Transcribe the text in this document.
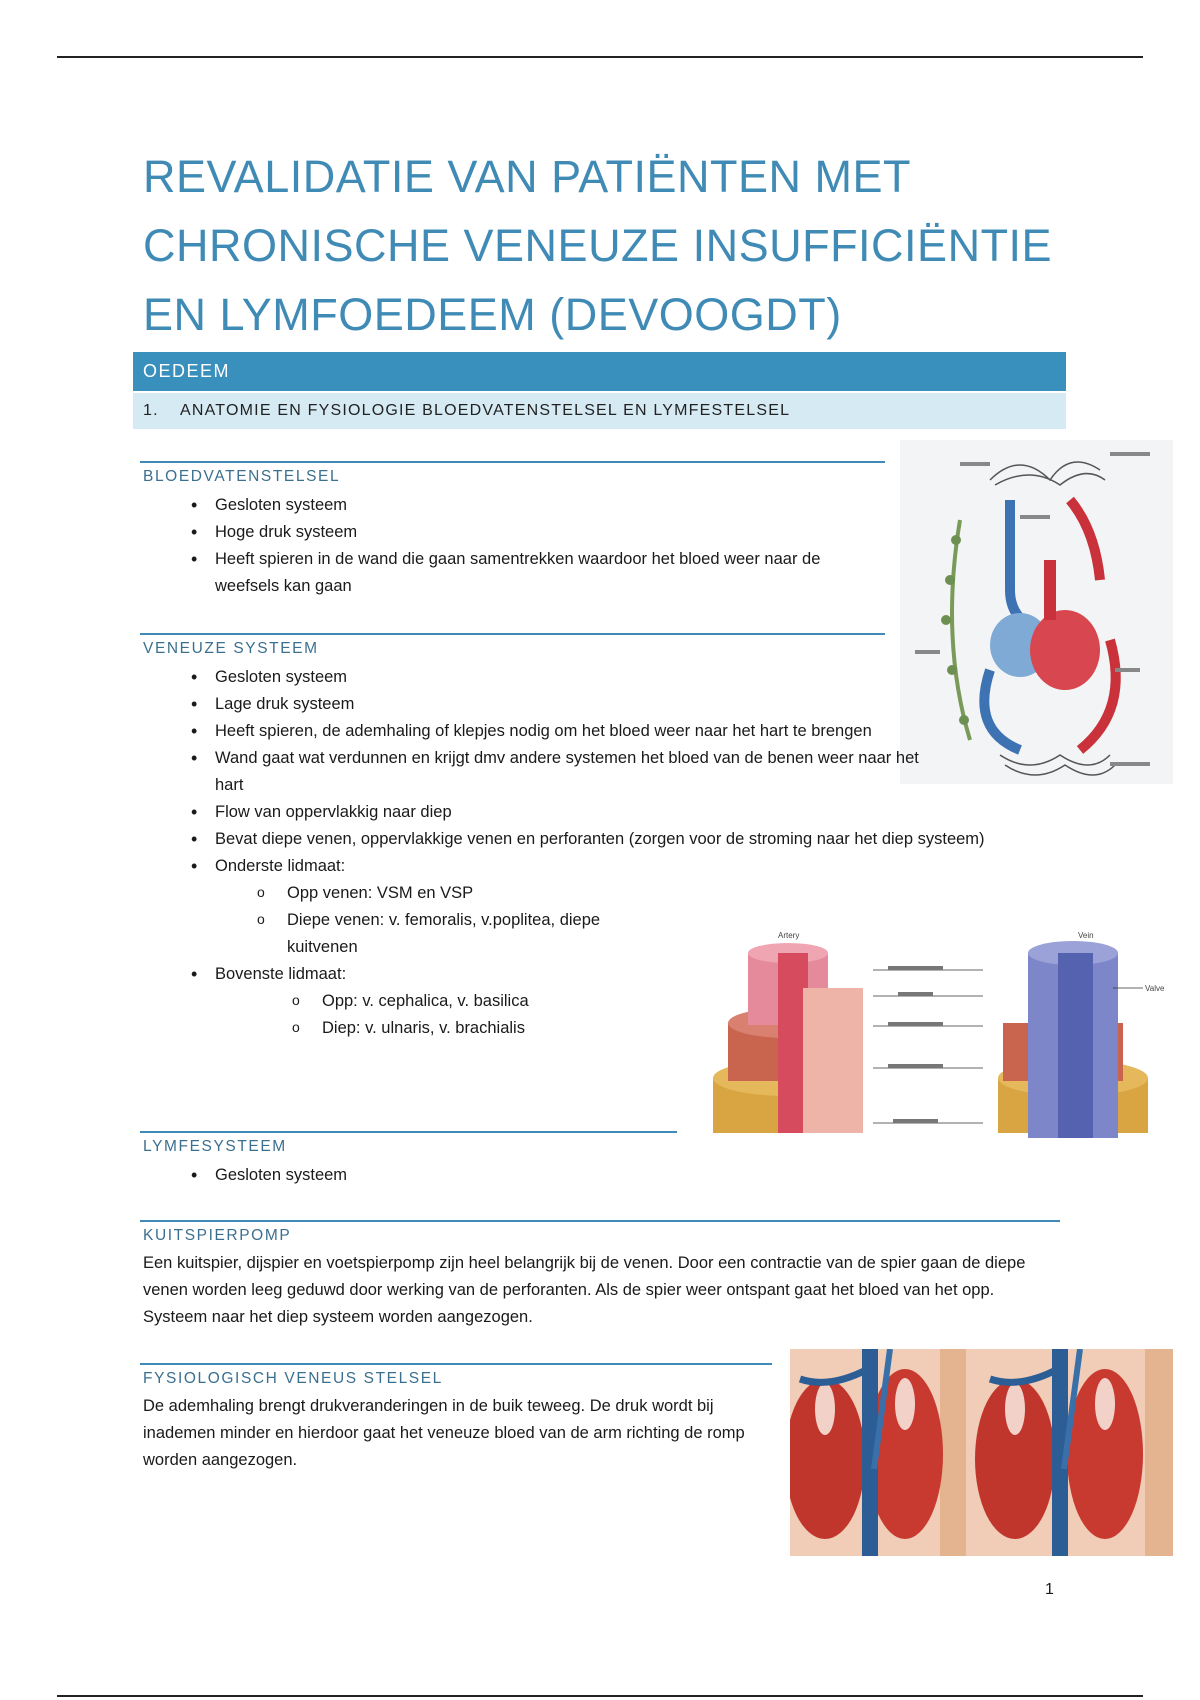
REVALIDATIE VAN PATIËNTEN MET
CHRONISCHE VENEUZE INSUFFICIËNTIE
EN LYMFOEDEEM (DEVOOGDT)
OEDEEM
1. ANATOMIE EN FYSIOLOGIE BLOEDVATENSTELSEL EN LYMFESTELSEL
BLOEDVATENSTELSEL
• Gesloten systeem
• Hoge druk systeem
• Heeft spieren in de wand die gaan samentrekken waardoor het bloed weer naar de weefsels kan gaan
VENEUZE SYSTEEM
• Gesloten systeem
• Lage druk systeem
• Heeft spieren, de ademhaling of klepjes nodig om het bloed weer naar het hart te brengen
• Wand gaat wat verdunnen en krijgt dmv andere systemen het bloed van de benen weer naar het hart
• Flow van oppervlakkig naar diep
• Bevat diepe venen, oppervlakkige venen en perforanten (zorgen voor de stroming naar het diep systeem)
• Onderste lidmaat:
o Opp venen: VSM en VSP
o Diepe venen: v. femoralis, v.poplitea, diepe kuitvenen
• Bovenste lidmaat:
o Opp: v. cephalica, v. basilica
o Diep: v. ulnaris, v. brachialis
Artery	Vein
Valve
LYMFESYSTEEM
• Gesloten systeem
KUITSPIERPOMP

Een kuitspier, dijspier en voetspierpomp zijn heel belangrijk bij de venen. Door een contractie van de spier gaan de diepe venen worden leeg geduwd door werking van de perforanten. Als de spier weer ontspant gaat het bloed van het opp. Systeem naar het diep systeem worden aangezogen.

FYSIOLOGISCH VENEUS STELSEL

De ademhaling brengt drukveranderingen in de buik teweeg. De druk wordt bij inademen minder en hierdoor gaat het veneuze bloed van de arm richting de romp worden aangezogen.

1
